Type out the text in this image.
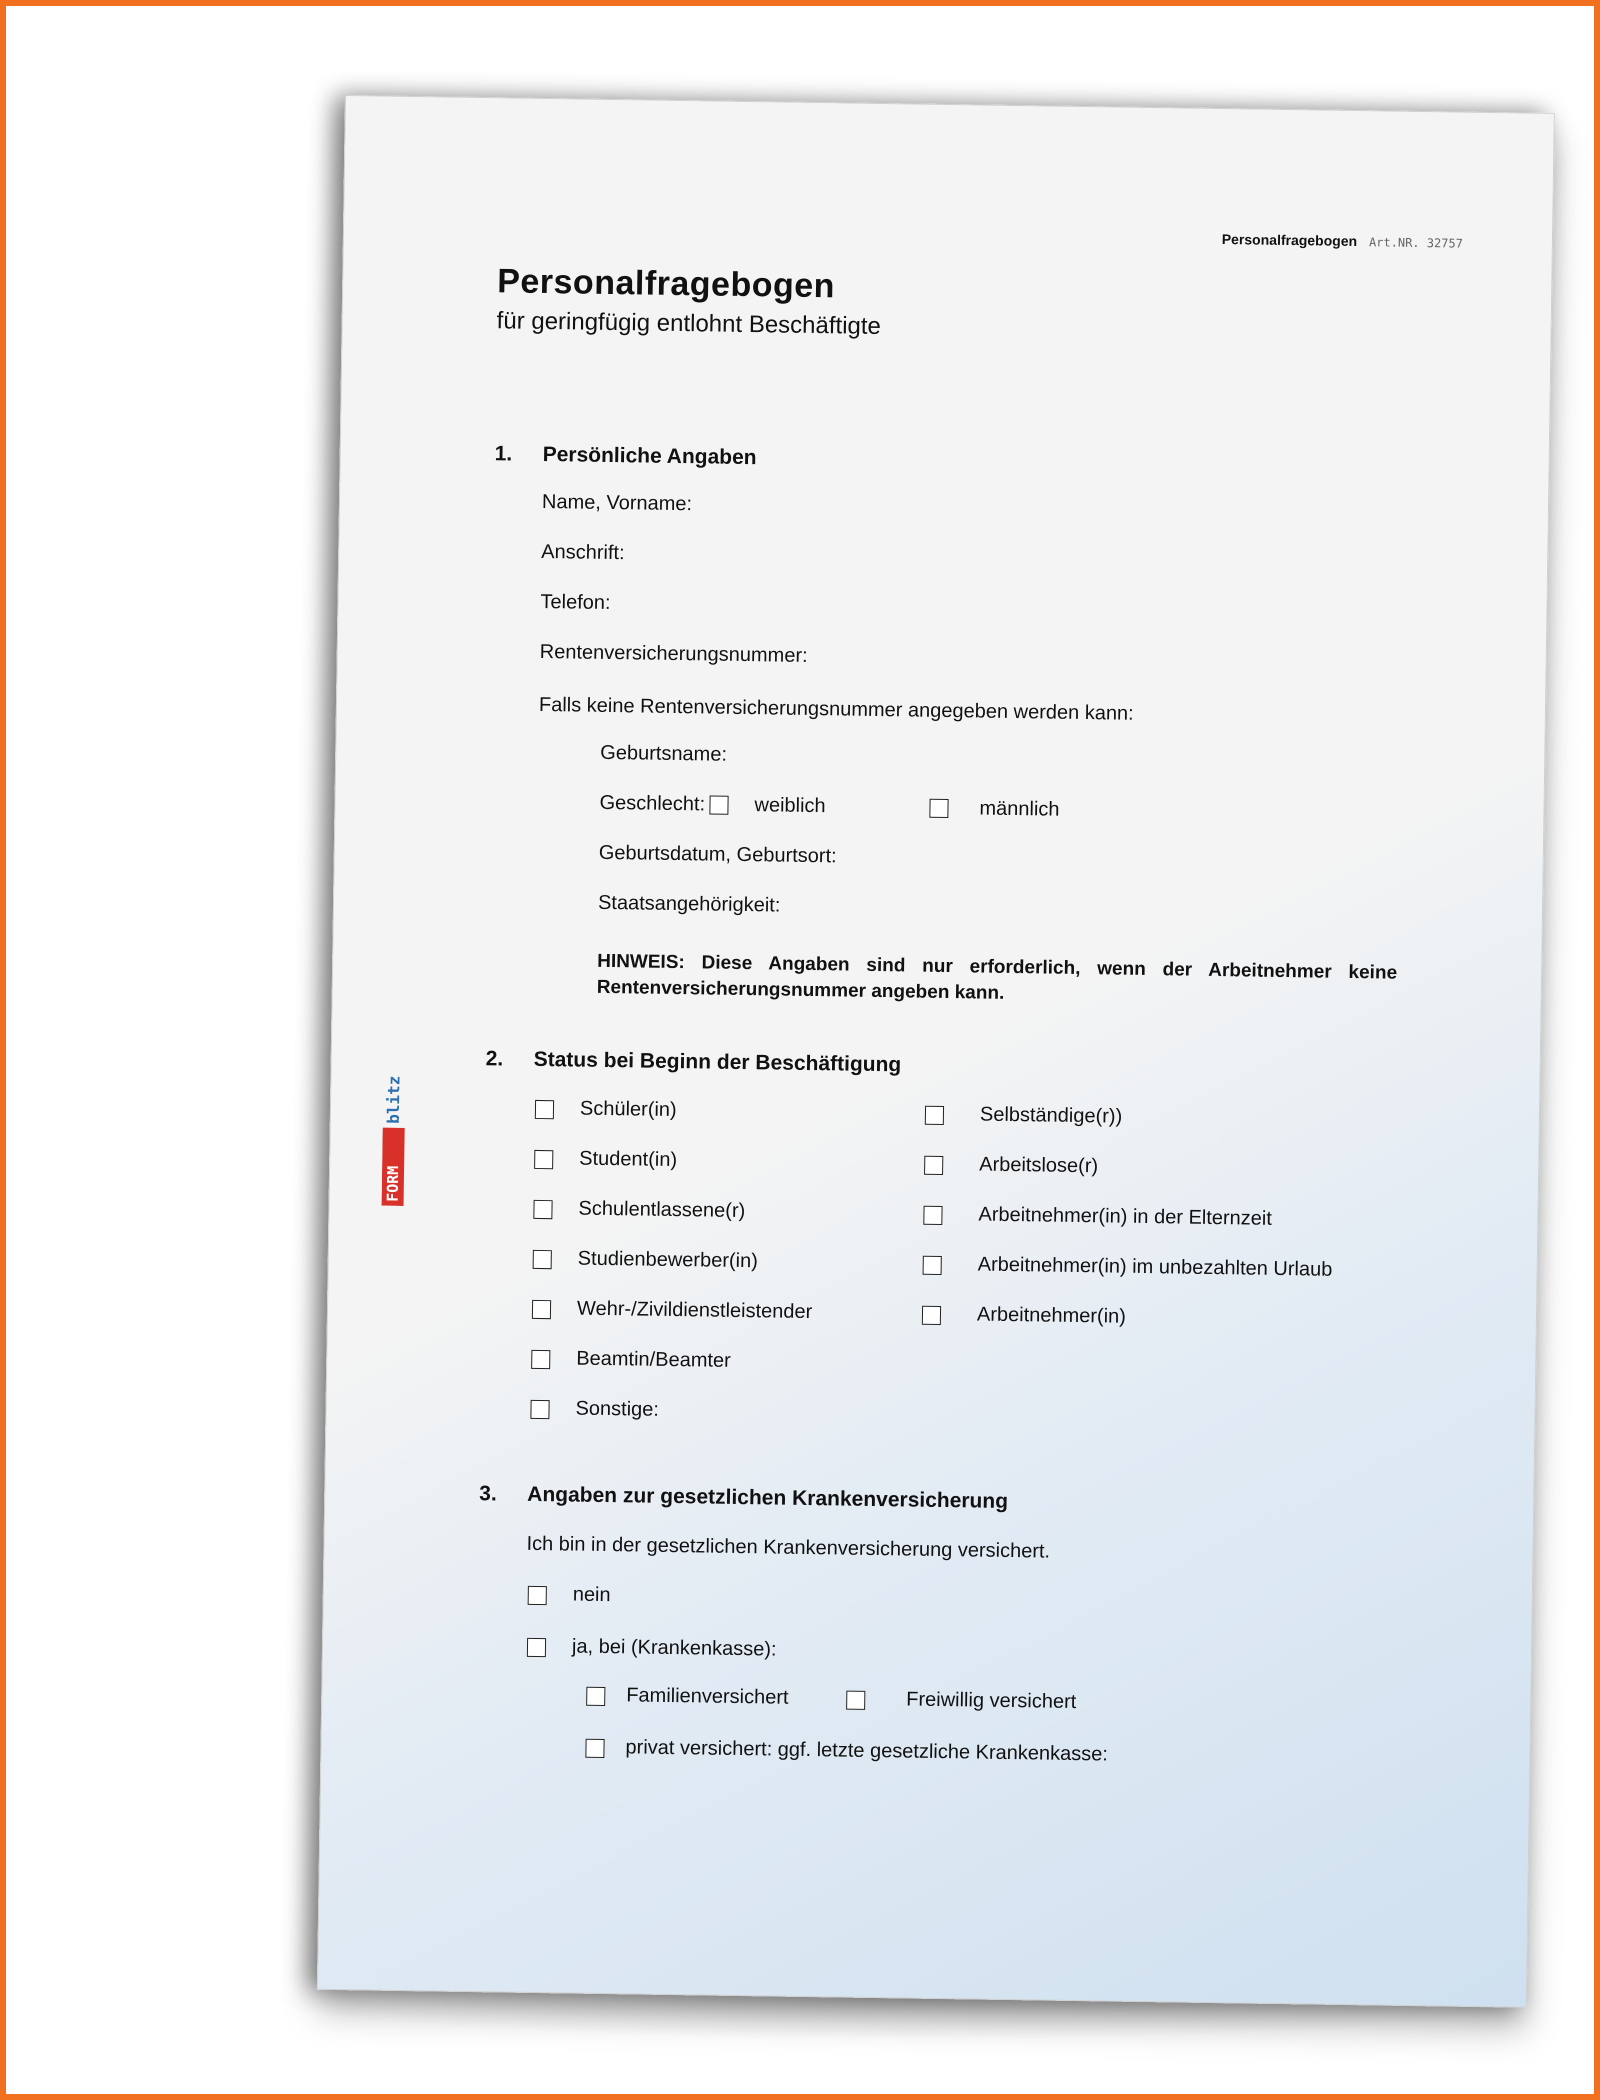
Personalfragebogen Art.NR. 32757
Personalfragebogen
für geringfügig entlohnt Beschäftigte
FORM
blitz
1. Persönliche Angaben
Name, Vorname:
Anschrift:
Telefon:
Rentenversicherungsnummer:
Falls keine Rentenversicherungsnummer angegeben werden kann:
Geburtsname:
Geschlecht: weiblich	männlich
Geburtsdatum, Geburtsort:
Staatsangehörigkeit:
HINWEIS: Diese Angaben sind nur erforderlich, wenn der Arbeitnehmer keine Rentenversicherungsnummer angeben kann.
2. Status bei Beginn der Beschäftigung
Schüler(in)
Student(in)
Schulentlassene(r)
Studienbewerber(in)
Wehr-/Zivildienstleistender
Beamtin/Beamter
Sonstige:
Selbständige(r))
Arbeitslose(r)
Arbeitnehmer(in) in der Elternzeit
Arbeitnehmer(in) im unbezahlten Urlaub
Arbeitnehmer(in)
3. Angaben zur gesetzlichen Krankenversicherung
Ich bin in der gesetzlichen Krankenversicherung versichert.
nein
ja, bei (Krankenkasse):
Familienversichert	Freiwillig versichert
privat versichert: ggf. letzte gesetzliche Krankenkasse:
